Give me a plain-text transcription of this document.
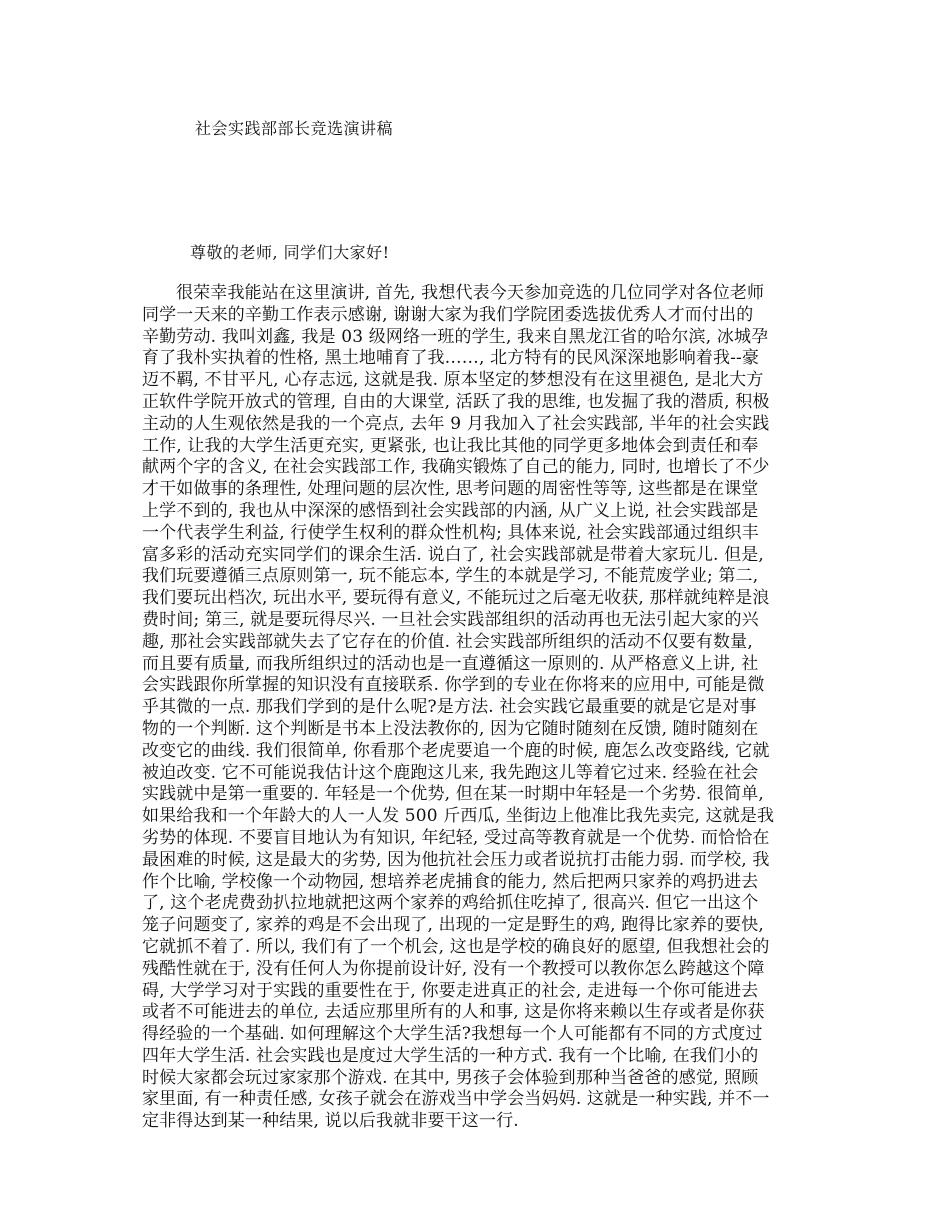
社会实践部部长竞选演讲稿
尊敬的老师, 同学们大家好!
很荣幸我能站在这里演讲, 首先, 我想代表今天参加竞选的几位同学对各位老师
同学一天来的辛勤工作表示感谢, 谢谢大家为我们学院团委选拔优秀人才而付出的
辛勤劳动. 我叫刘鑫, 我是 03 级网络一班的学生, 我来自黑龙江省的哈尔滨, 冰城孕
育了我朴实执着的性格, 黑土地哺育了我……, 北方特有的民风深深地影响着我--豪
迈不羁, 不甘平凡, 心存志远, 这就是我. 原本坚定的梦想没有在这里褪色, 是北大方
正软件学院开放式的管理, 自由的大课堂, 活跃了我的思维, 也发掘了我的潜质, 积极
主动的人生观依然是我的一个亮点, 去年 9 月我加入了社会实践部, 半年的社会实践
工作, 让我的大学生活更充实, 更紧张, 也让我比其他的同学更多地体会到责任和奉
献两个字的含义, 在社会实践部工作, 我确实锻炼了自己的能力, 同时, 也增长了不少
才干如做事的条理性, 处理问题的层次性, 思考问题的周密性等等, 这些都是在课堂
上学不到的, 我也从中深深的感悟到社会实践部的内涵, 从广义上说, 社会实践部是
一个代表学生利益, 行使学生权利的群众性机构; 具体来说, 社会实践部通过组织丰
富多彩的活动充实同学们的课余生活. 说白了, 社会实践部就是带着大家玩儿. 但是,
我们玩要遵循三点原则第一, 玩不能忘本, 学生的本就是学习, 不能荒废学业; 第二,
我们要玩出档次, 玩出水平, 要玩得有意义, 不能玩过之后毫无收获, 那样就纯粹是浪
费时间; 第三, 就是要玩得尽兴. 一旦社会实践部组织的活动再也无法引起大家的兴
趣, 那社会实践部就失去了它存在的价值. 社会实践部所组织的活动不仅要有数量,
而且要有质量, 而我所组织过的活动也是一直遵循这一原则的. 从严格意义上讲, 社
会实践跟你所掌握的知识没有直接联系. 你学到的专业在你将来的应用中, 可能是微
乎其微的一点. 那我们学到的是什么呢?是方法. 社会实践它最重要的就是它是对事
物的一个判断. 这个判断是书本上没法教你的, 因为它随时随刻在反馈, 随时随刻在
改变它的曲线. 我们很简单, 你看那个老虎要追一个鹿的时候, 鹿怎么改变路线, 它就
被迫改变. 它不可能说我估计这个鹿跑这儿来, 我先跑这儿等着它过来. 经验在社会
实践就中是第一重要的. 年轻是一个优势, 但在某一时期中年轻是一个劣势. 很简单,
如果给我和一个年龄大的人一人发 500 斤西瓜, 坐街边上他准比我先卖完, 这就是我
劣势的体现. 不要盲目地认为有知识, 年纪轻, 受过高等教育就是一个优势. 而恰恰在
最困难的时候, 这是最大的劣势, 因为他抗社会压力或者说抗打击能力弱. 而学校, 我
作个比喻, 学校像一个动物园, 想培养老虎捕食的能力, 然后把两只家养的鸡扔进去
了, 这个老虎费劲扒拉地就把这两个家养的鸡给抓住吃掉了, 很高兴. 但它一出这个
笼子问题变了, 家养的鸡是不会出现了, 出现的一定是野生的鸡, 跑得比家养的要快,
它就抓不着了. 所以, 我们有了一个机会, 这也是学校的确良好的愿望, 但我想社会的
残酷性就在于, 没有任何人为你提前设计好, 没有一个教授可以教你怎么跨越这个障
碍, 大学学习对于实践的重要性在于, 你要走进真正的社会, 走进每一个你可能进去
或者不可能进去的单位, 去适应那里所有的人和事, 这是你将来赖以生存或者是你获
得经验的一个基础. 如何理解这个大学生活?我想每一个人可能都有不同的方式度过
四年大学生活. 社会实践也是度过大学生活的一种方式. 我有一个比喻, 在我们小的
时候大家都会玩过家家那个游戏. 在其中, 男孩子会体验到那种当爸爸的感觉, 照顾
家里面, 有一种责任感, 女孩子就会在游戏当中学会当妈妈. 这就是一种实践, 并不一
定非得达到某一种结果, 说以后我就非要干这一行.
